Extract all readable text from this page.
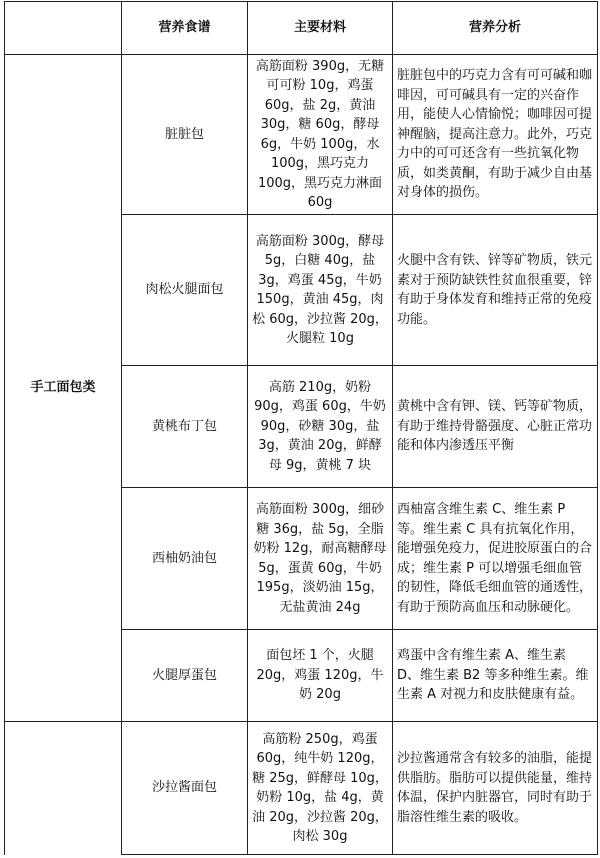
	营养食谱	主要材料	营养分析
手工面包类	脏脏包	高筋面粉 390g，无糖可可粉 10g，鸡蛋 60g，盐 2g，黄油 30g，糖 60g，酵母 6g，牛奶 100g，水 100g，黑巧克力 100g，黑巧克力淋面 60g	脏脏包中的巧克力含有可可碱和咖啡因，可可碱具有一定的兴奋作用，能使人心情愉悦；咖啡因可提神醒脑，提高注意力。此外，巧克力中的可可还含有一些抗氧化物质，如类黄酮，有助于减少自由基对身体的损伤。
	肉松火腿面包	高筋面粉 300g，酵母 5g，白糖 40g，盐 3g，鸡蛋 45g，牛奶 150g，黄油 45g，肉松 60g，沙拉酱 20g，火腿粒 10g	火腿中含有铁、锌等矿物质，铁元素对于预防缺铁性贫血很重要，锌有助于身体发育和维持正常的免疫功能。
	黄桃布丁包	高筋 210g，奶粉 90g，鸡蛋 60g，牛奶 90g，砂糖 30g，盐 3g，黄油 20g，鲜酵母 9g，黄桃 7 块	黄桃中含有钾、镁、钙等矿物质，有助于维持骨骼强度、心脏正常功能和体内渗透压平衡
	西柚奶油包	高筋面粉 300g，细砂糖 36g，盐 5g，全脂奶粉 12g，耐高糖酵母 5g，蛋黄 60g，牛奶 195g，淡奶油 15g，无盐黄油 24g	西柚富含维生素 C、维生素 P 等。维生素 C 具有抗氧化作用，能增强免疫力，促进胶原蛋白的合成；维生素 P 可以增强毛细血管的韧性，降低毛细血管的通透性，有助于预防高血压和动脉硬化。
	火腿厚蛋包	面包坯 1 个，火腿 20g，鸡蛋 120g，牛奶 20g	鸡蛋中含有维生素 A、维生素 D、维生素 B2 等多种维生素。维生素 A 对视力和皮肤健康有益。
	沙拉酱面包	高筋粉 250g，鸡蛋 60g，纯牛奶 120g，糖 25g，鲜酵母 10g，奶粉 10g，盐 4g，黄油 20g，沙拉酱 20g，肉松 30g	沙拉酱通常含有较多的油脂，能提供脂肪。脂肪可以提供能量，维持体温，保护内脏器官，同时有助于脂溶性维生素的吸收。
